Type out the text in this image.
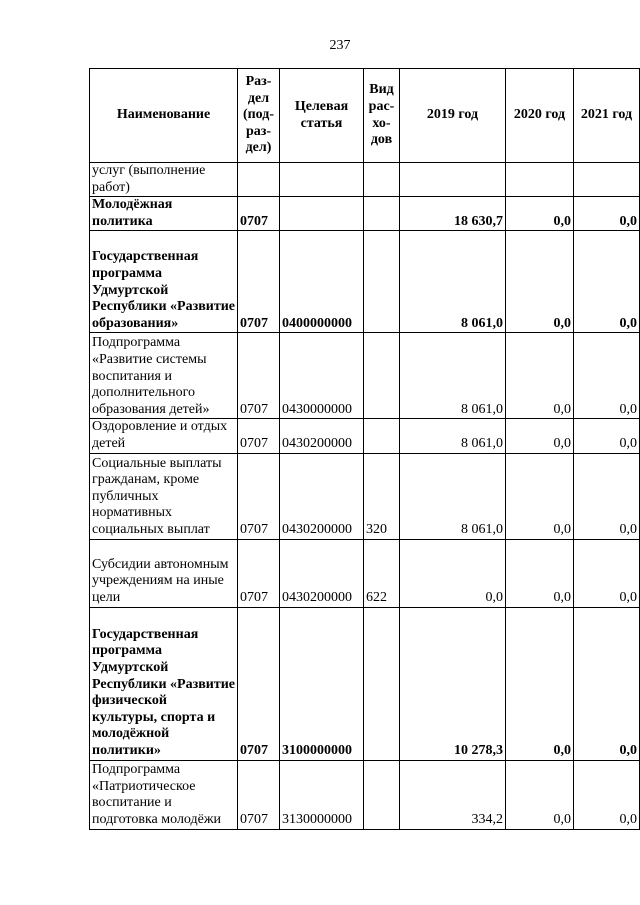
237
Наименование	Раз-дел (под-раз-дел)	Целевая статья	Вид рас-хо-дов	2019 год	2020 год	2021 год
услуг (выполнение работ)						
Молодёжная политика	0707			18 630,7	0,0	0,0
Государственная программа Удмуртской Республики «Развитие образования»	0707	0400000000		8 061,0	0,0	0,0
Подпрограмма «Развитие системы воспитания и дополнительного образования детей»	0707	0430000000		8 061,0	0,0	0,0
Оздоровление и отдых детей	0707	0430200000		8 061,0	0,0	0,0
Социальные выплаты гражданам, кроме публичных нормативных социальных выплат	0707	0430200000	320	8 061,0	0,0	0,0
Субсидии автономным учреждениям на иные цели	0707	0430200000	622	0,0	0,0	0,0
Государственная программа Удмуртской Республики «Развитие физической культуры, спорта и молодёжной политики»	0707	3100000000		10 278,3	0,0	0,0
Подпрограмма «Патриотическое воспитание и подготовка молодёжи	0707	3130000000		334,2	0,0	0,0
